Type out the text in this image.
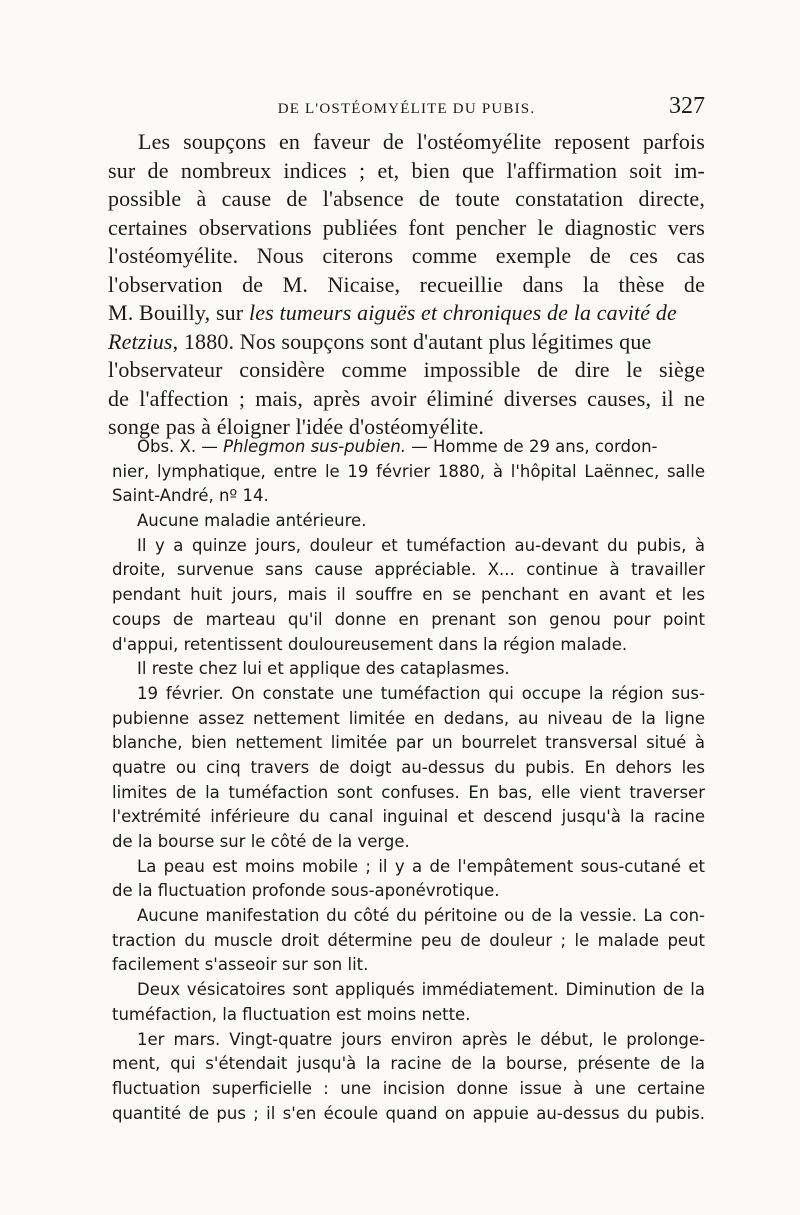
DE L'OSTÉOMYÉLITE DU PUBIS.	327
Les soupçons en faveur de l'ostéomyélite reposent parfois
sur de nombreux indices ; et, bien que l'affirmation soit im-
possible à cause de l'absence de toute constatation directe,
certaines observations publiées font pencher le diagnostic vers
l'ostéomyélite. Nous citerons comme exemple de ces cas
l'observation de M. Nicaise, recueillie dans la thèse de
M. Bouilly, sur les tumeurs aiguës et chroniques de la cavité de
Retzius, 1880. Nos soupçons sont d'autant plus légitimes que
l'observateur considère comme impossible de dire le siège
de l'affection ; mais, après avoir éliminé diverses causes, il ne
songe pas à éloigner l'idée d'ostéomyélite.
Obs. X. — Phlegmon sus-pubien. — Homme de 29 ans, cordon-
nier, lymphatique, entre le 19 février 1880, à l'hôpital Laënnec, salle
Saint-André, nº 14.
Aucune maladie antérieure.
Il y a quinze jours, douleur et tuméfaction au-devant du pubis, à
droite, survenue sans cause appréciable. X... continue à travailler
pendant huit jours, mais il souffre en se penchant en avant et les
coups de marteau qu'il donne en prenant son genou pour point
d'appui, retentissent douloureusement dans la région malade.
Il reste chez lui et applique des cataplasmes.
19 février. On constate une tuméfaction qui occupe la région sus-
pubienne assez nettement limitée en dedans, au niveau de la ligne
blanche, bien nettement limitée par un bourrelet transversal situé à
quatre ou cinq travers de doigt au-dessus du pubis. En dehors les
limites de la tuméfaction sont confuses. En bas, elle vient traverser
l'extrémité inférieure du canal inguinal et descend jusqu'à la racine
de la bourse sur le côté de la verge.
La peau est moins mobile ; il y a de l'empâtement sous-cutané et
de la fluctuation profonde sous-aponévrotique.
Aucune manifestation du côté du péritoine ou de la vessie. La con-
traction du muscle droit détermine peu de douleur ; le malade peut
facilement s'asseoir sur son lit.
Deux vésicatoires sont appliqués immédiatement. Diminution de la
tuméfaction, la fluctuation est moins nette.
1er mars. Vingt-quatre jours environ après le début, le prolonge-
ment, qui s'étendait jusqu'à la racine de la bourse, présente de la
fluctuation superficielle : une incision donne issue à une certaine
quantité de pus ; il s'en écoule quand on appuie au-dessus du pubis.
